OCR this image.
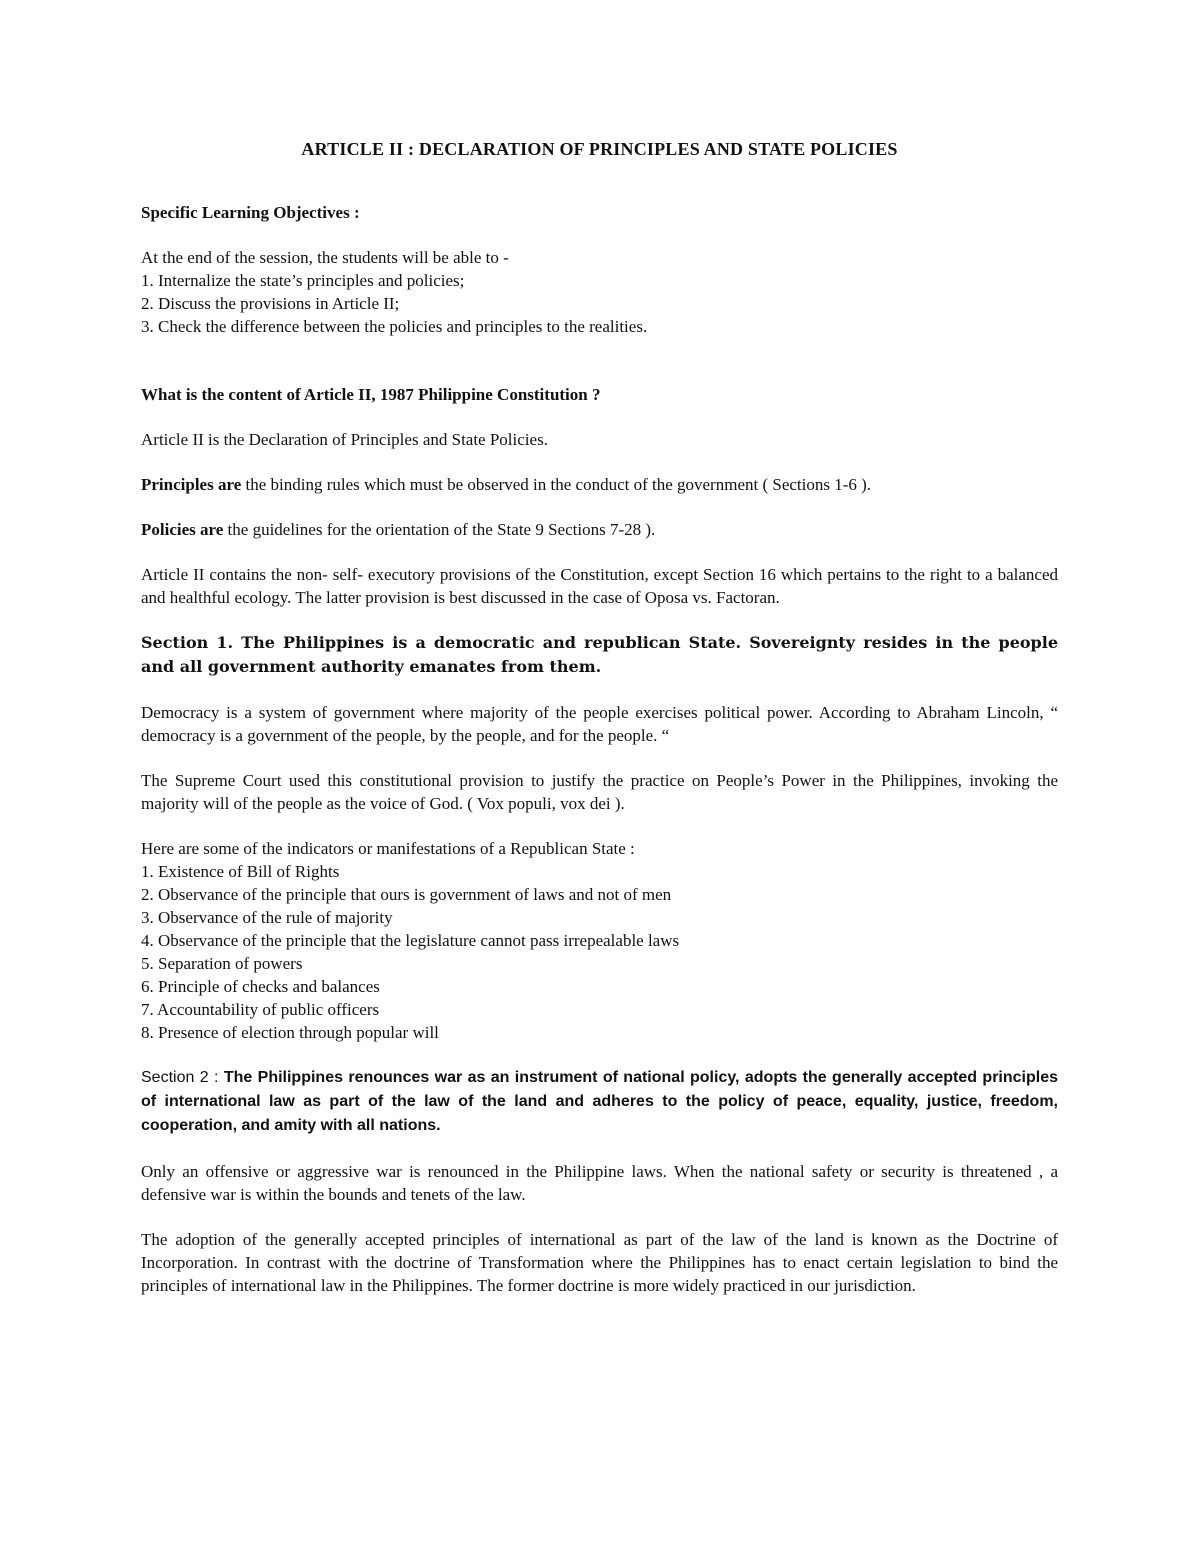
ARTICLE II : DECLARATION OF PRINCIPLES AND STATE POLICIES

Specific Learning Objectives :

At the end of the session, the students will be able to -

1. Internalize the state’s principles and policies;
2. Discuss the provisions in Article II;
3. Check the difference between the policies and principles to the realities.

What is the content of Article II, 1987 Philippine Constitution ?

Article II is the Declaration of Principles and State Policies.

Principles are the binding rules which must be observed in the conduct of the government ( Sections 1-6 ).

Policies are the guidelines for the orientation of the State 9 Sections 7-28 ).

Article II contains the non- self- executory provisions of the Constitution, except Section 16 which pertains to the right to a balanced and healthful ecology. The latter provision is best discussed in the case of Oposa vs. Factoran.

Section 1. The Philippines is a democratic and republican State. Sovereignty resides in the people and all government authority emanates from them.

Democracy is a system of government where majority of the people exercises political power. According to Abraham Lincoln, “ democracy is a government of the people, by the people, and for the people. “

The Supreme Court used this constitutional provision to justify the practice on People’s Power in the Philippines, invoking the majority will of the people as the voice of God. ( Vox populi, vox dei ).

Here are some of the indicators or manifestations of a Republican State :

1. Existence of Bill of Rights
2. Observance of the principle that ours is government of laws and not of men
3. Observance of the rule of majority
4. Observance of the principle that the legislature cannot pass irrepealable laws
5. Separation of powers
6. Principle of checks and balances
7. Accountability of public officers
8. Presence of election through popular will

Section 2 : The Philippines renounces war as an instrument of national policy, adopts the generally accepted principles of international law as part of the law of the land and adheres to the policy of peace, equality, justice, freedom, cooperation, and amity with all nations.

Only an offensive or aggressive war is renounced in the Philippine laws. When the national safety or security is threatened , a defensive war is within the bounds and tenets of the law.

The adoption of the generally accepted principles of international as part of the law of the land is known as the Doctrine of Incorporation. In contrast with the doctrine of Transformation where the Philippines has to enact certain legislation to bind the principles of international law in the Philippines. The former doctrine is more widely practiced in our jurisdiction.
